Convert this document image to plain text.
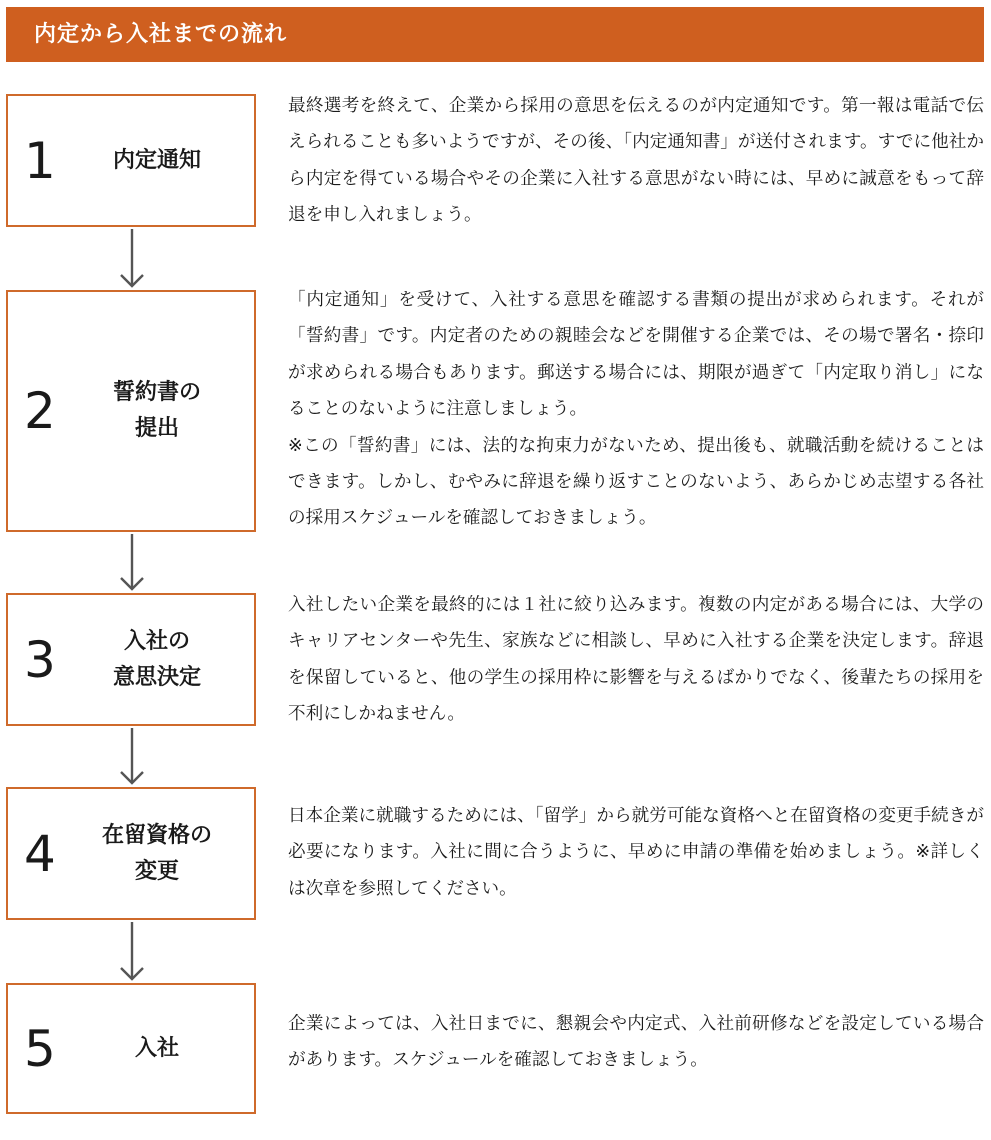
内定から入社までの流れ
1	内定通知
最終選考を終えて、企業から採用の意思を伝えるのが内定通知です。第一報は電話で伝えられることも多いようですが、その後、「内定通知書」が送付されます。すでに他社から内定を得ている場合やその企業に入社する意思がない時には、早めに誠意をもって辞退を申し入れましょう。
2	誓約書の
提出
「内定通知」を受けて、入社する意思を確認する書類の提出が求められます。それが「誓約書」です。内定者のための親睦会などを開催する企業では、その場で署名・捺印が求められる場合もあります。郵送する場合には、期限が過ぎて「内定取り消し」になることのないように注意しましょう。
※この「誓約書」には、法的な拘束力がないため、提出後も、就職活動を続けることはできます。しかし、むやみに辞退を繰り返すことのないよう、あらかじめ志望する各社の採用スケジュールを確認しておきましょう。
3	入社の
意思決定
入社したい企業を最終的には１社に絞り込みます。複数の内定がある場合には、大学のキャリアセンターや先生、家族などに相談し、早めに入社する企業を決定します。辞退を保留していると、他の学生の採用枠に影響を与えるばかりでなく、後輩たちの採用を不利にしかねません。
4	在留資格の
変更
日本企業に就職するためには、「留学」から就労可能な資格へと在留資格の変更手続きが必要になります。入社に間に合うように、早めに申請の準備を始めましょう。※詳しくは次章を参照してください。
5	入社
企業によっては、入社日までに、懇親会や内定式、入社前研修などを設定している場合があります。スケジュールを確認しておきましょう。
